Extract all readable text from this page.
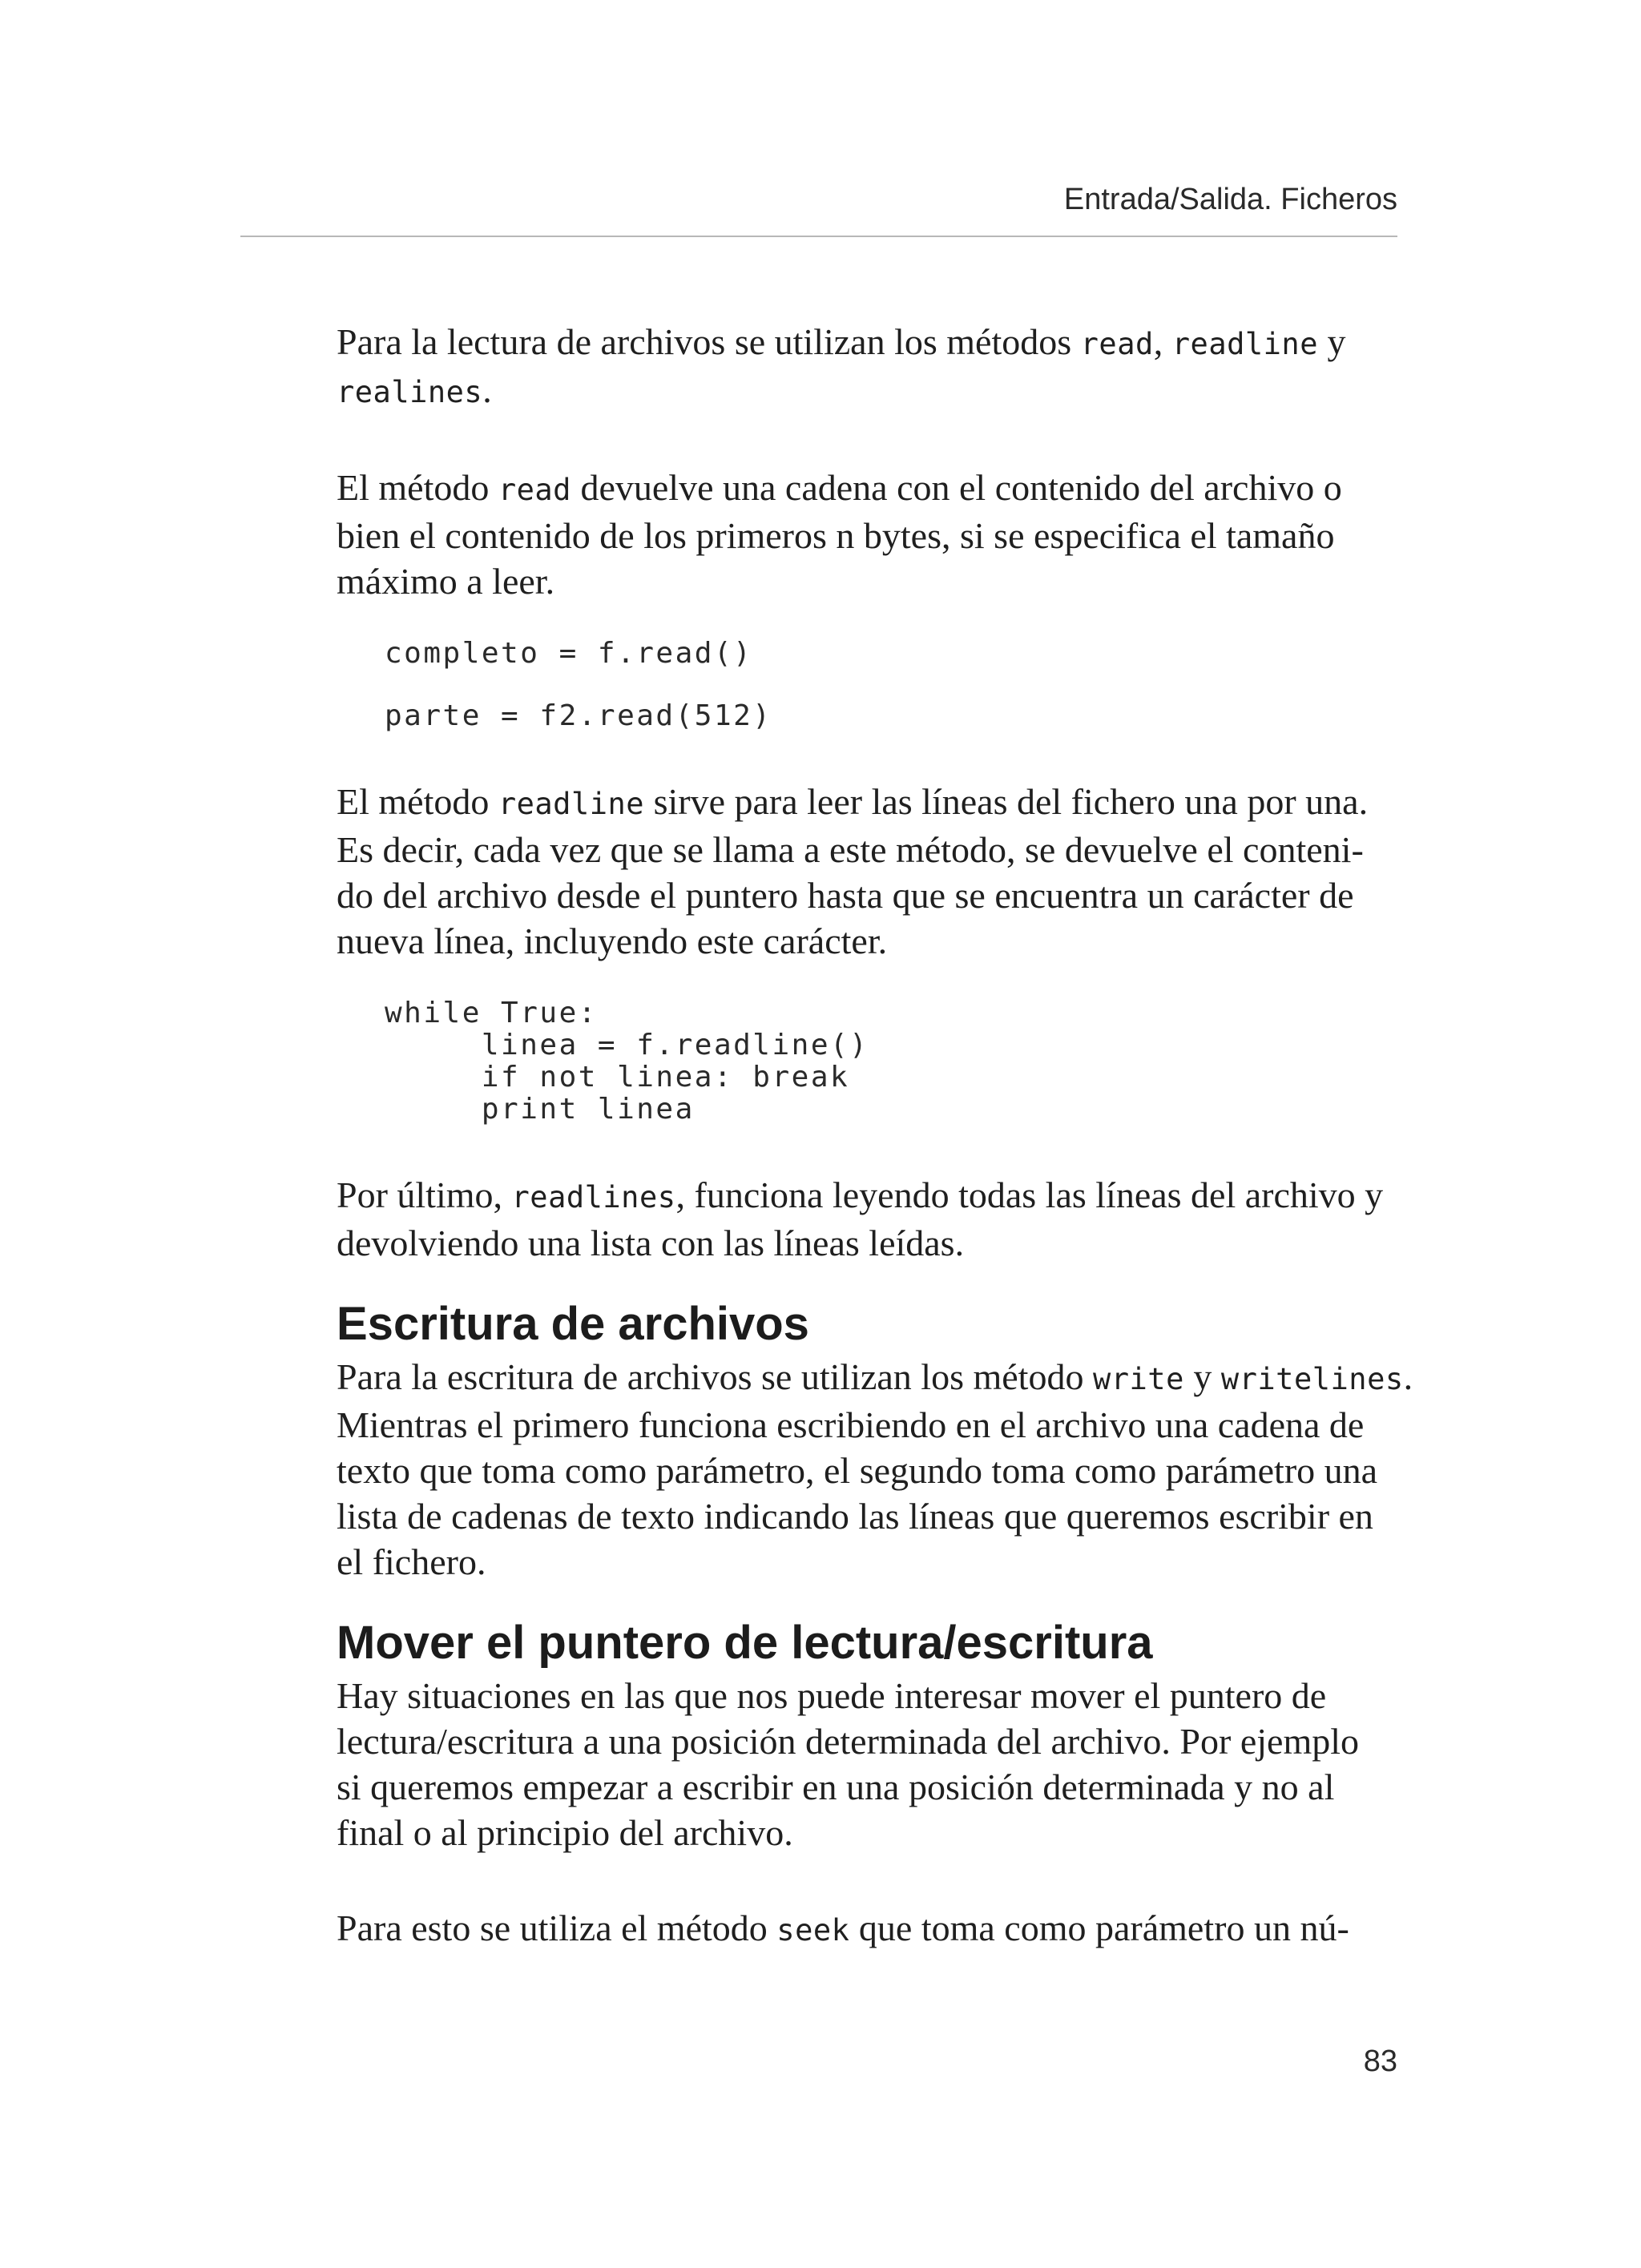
Entrada/Salida. Ficheros

Para la lectura de archivos se utilizan los métodos read, readline y
realines.

El método read devuelve una cadena con el contenido del archivo o
bien el contenido de los primeros n bytes, si se especifica el tamaño
máximo a leer.

completo = f.read()
parte = f2.read(512)

El método readline sirve para leer las líneas del fichero una por una.
Es decir, cada vez que se llama a este método, se devuelve el conteni-
do del archivo desde el puntero hasta que se encuentra un carácter de
nueva línea, incluyendo este carácter.

while True:
linea = f.readline()
if not linea: break
print linea

Por último, readlines, funciona leyendo todas las líneas del archivo y
devolviendo una lista con las líneas leídas.

Escritura de archivos

Para la escritura de archivos se utilizan los método write y writelines.
Mientras el primero funciona escribiendo en el archivo una cadena de
texto que toma como parámetro, el segundo toma como parámetro una
lista de cadenas de texto indicando las líneas que queremos escribir en
el fichero.

Mover el puntero de lectura/escritura

Hay situaciones en las que nos puede interesar mover el puntero de
lectura/escritura a una posición determinada del archivo. Por ejemplo
si queremos empezar a escribir en una posición determinada y no al
final o al principio del archivo.

Para esto se utiliza el método seek que toma como parámetro un nú-

83
